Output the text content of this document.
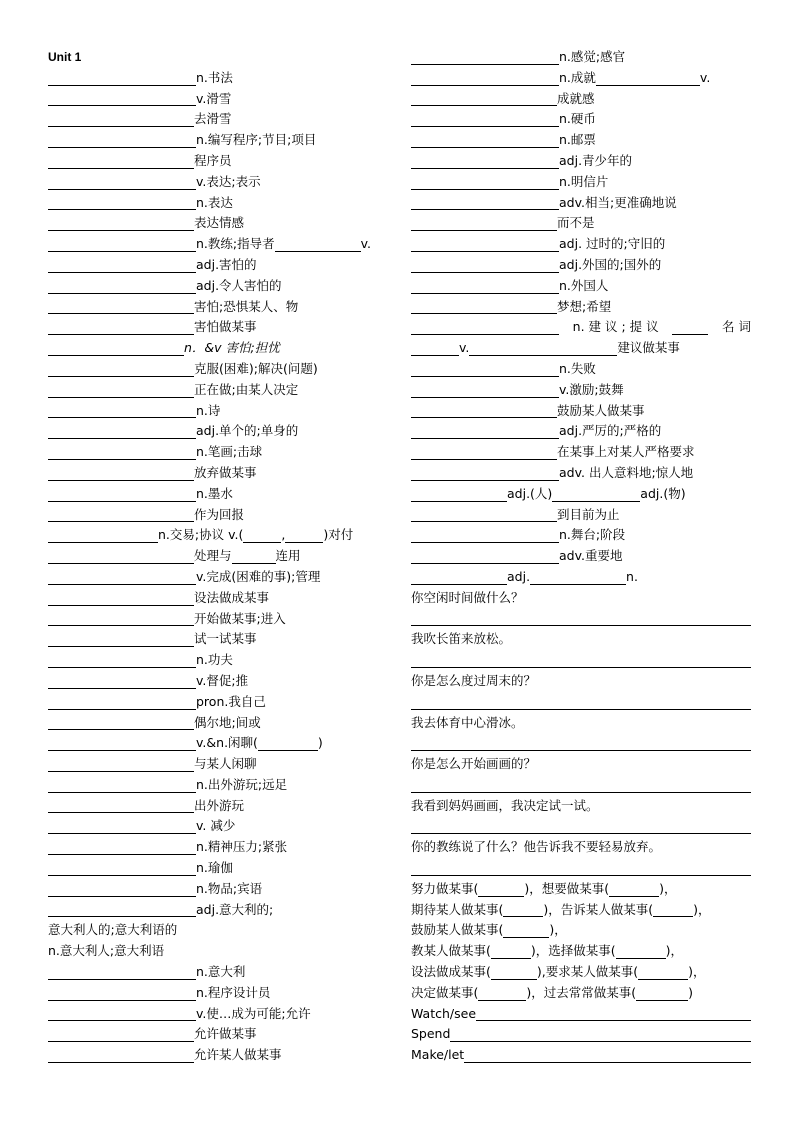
Unit 1
n.书法
v.滑雪
去滑雪
n.编写程序;节目;项目
程序员
v.表达;表示
n.表达
表达情感
n.教练;指导者	v.
adj.害怕的
adj.令人害怕的
害怕;恐惧某人、物
害怕做某事
n．&v 害怕;担忧
克服(困难);解决(问题)
正在做;由某人决定
n.诗
adj.单个的;单身的
n.笔画;击球
放弃做某事
n.墨水
作为回报
n.交易;协议 v.(	,	)对付
处理与	连用
v.完成(困难的事);管理
设法做成某事
开始做某事;进入
试一试某事
n.功夫
v.督促;推
pron.我自己
偶尔地;间或
v.&n.闲聊(	)
与某人闲聊
n.出外游玩;远足
出外游玩
v. 减少
n.精神压力;紧张
n.瑜伽
n.物品;宾语
adj.意大利的;
意大利人的;意大利语的
n.意大利人;意大利语
n.意大利
n.程序设计员
v.使…成为可能;允许
允许做某事
允许某人做某事
n.感觉;感官
n.成就	v.
成就感
n.硬币
n.邮票
adj.青少年的
n.明信片
adv.相当;更准确地说
而不是
adj. 过时的;守旧的
adj.外国的;国外的
n.外国人
梦想;希望
n. 建 议 ; 提 议	名 词
v.	建议做某事
n.失败
v.激励;鼓舞
鼓励某人做某事
adj.严厉的;严格的
在某事上对某人严格要求
adv. 出人意料地;惊人地
adj.(人)	adj.(物)
到目前为止
n.舞台;阶段
adv.重要地
adj.	n.
你空闲时间做什么？
我吹长笛来放松。
你是怎么度过周末的？
我去体育中心滑冰。
你是怎么开始画画的？
我看到妈妈画画，我决定试一试。
你的教练说了什么？他告诉我不要轻易放弃。
努力做某事(	)，想要做某事(	)，
期待某人做某事(	)，告诉某人做某事(	)，
鼓励某人做某事(	)，
教某人做某事(	)，选择做某事(	)，
设法做成某事(	),要求某人做某事(	)，
决定做某事(	)，过去常常做某事(	)
Watch/see
Spend
Make/let
